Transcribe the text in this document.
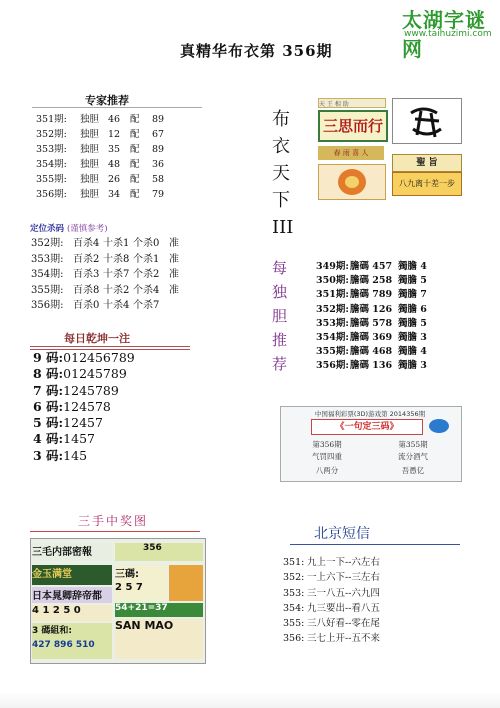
太湖字谜网
www.taihuzimi.com
真精华布衣第 356期
专家推荐
351期: 独胆 46 配 89
352期: 独胆 12 配 67
353期: 独胆 35 配 89
354期: 独胆 48 配 36
355期: 独胆 26 配 58
356期: 独胆 34 配 79
定位杀码 (谨慎参考)
352期: 百杀4 十杀1 个杀0 准
353期: 百杀2 十杀8 个杀1 准
354期: 百杀3 十杀7 个杀2 准
355期: 百杀8 十杀2 个杀4 准
356期: 百杀0 十杀4 个杀7
每日乾坤一注
9 码:012456789
8 码:01245789
7 码:1245789
6 码:124578
5 码:12457
4 码:1457
3 码:145
三手中奖图
三毛内部密報	356
金玉满堂	三碼:
2 5 7
日本晁卿辞帝都
4 1 2 5 0	54+21=37
3 碼組和:
427 896 510
SAN MAO
布衣天下III
天 王 相 助
三思而行
春 雨 喜 人
聖 旨
八九离十差一步
每独胆推荐
349期:膽碼 457 獨膽 4
350期:膽碼 258 獨膽 5
351期:膽碼 789 獨膽 7
352期:膽碼 126 獨膽 6
353期:膽碼 578 獨膽 5
354期:膽碼 369 獨膽 3
355期:膽碼 468 獨膽 4
356期:膽碼 136 獨膽 3
中国福利彩票(3D)游戏第 2014356期
《一句定三码》
第356期	第355期
气罚四重	流分酒气
八两分	吾愚亿
北京短信
351: 九上一下--六左右
352: 一上六下--三左右
353: 三一八五--六九四
354: 九三要出--看八五
355: 三八好看--零在尾
356: 三七上开--五不来
